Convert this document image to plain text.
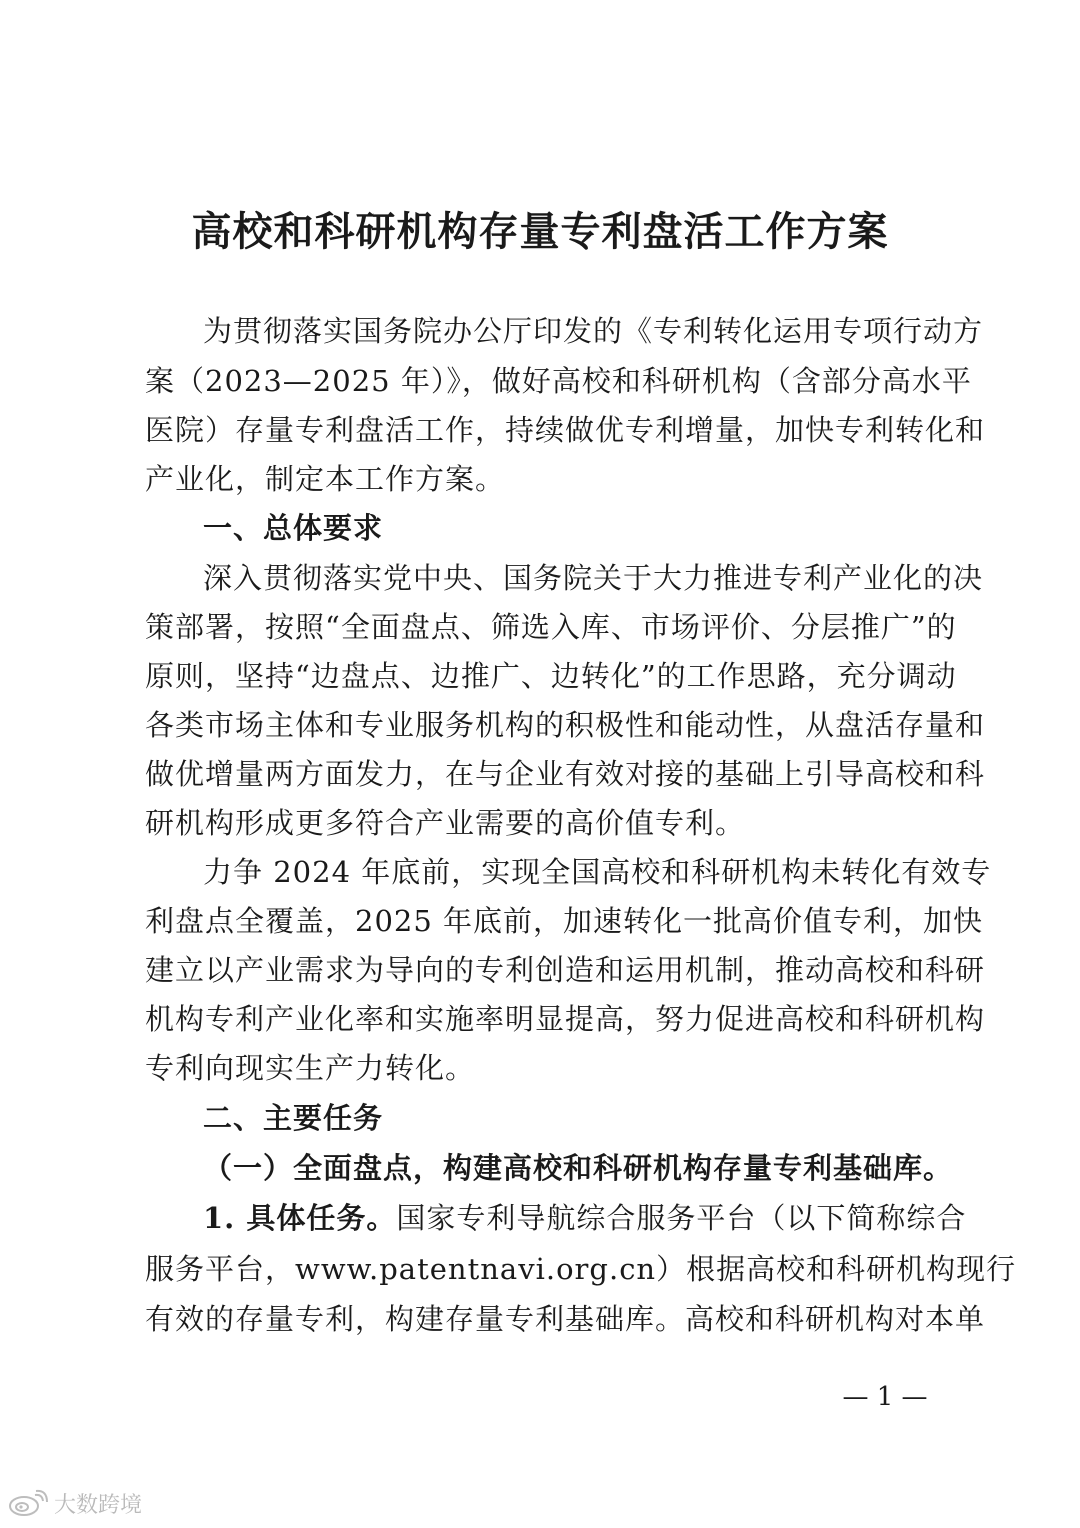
高校和科研机构存量专利盘活工作方案
为贯彻落实国务院办公厅印发的《专利转化运用专项行动方
案（2023—2025 年）》，做好高校和科研机构（含部分高水平
医院）存量专利盘活工作，持续做优专利增量，加快专利转化和
产业化，制定本工作方案。
一、总体要求
深入贯彻落实党中央、国务院关于大力推进专利产业化的决
策部署，按照“全面盘点、筛选入库、市场评价、分层推广”的
原则，坚持“边盘点、边推广、边转化”的工作思路，充分调动
各类市场主体和专业服务机构的积极性和能动性，从盘活存量和
做优增量两方面发力，在与企业有效对接的基础上引导高校和科
研机构形成更多符合产业需要的高价值专利。
力争 2024 年底前，实现全国高校和科研机构未转化有效专
利盘点全覆盖，2025 年底前，加速转化一批高价值专利，加快
建立以产业需求为导向的专利创造和运用机制，推动高校和科研
机构专利产业化率和实施率明显提高，努力促进高校和科研机构
专利向现实生产力转化。
二、主要任务
（一）全面盘点，构建高校和科研机构存量专利基础库。
1. 具体任务。国家专利导航综合服务平台（以下简称综合
服务平台，www.patentnavi.org.cn）根据高校和科研机构现行
有效的存量专利，构建存量专利基础库。高校和科研机构对本单
— 1 —
大数跨境
